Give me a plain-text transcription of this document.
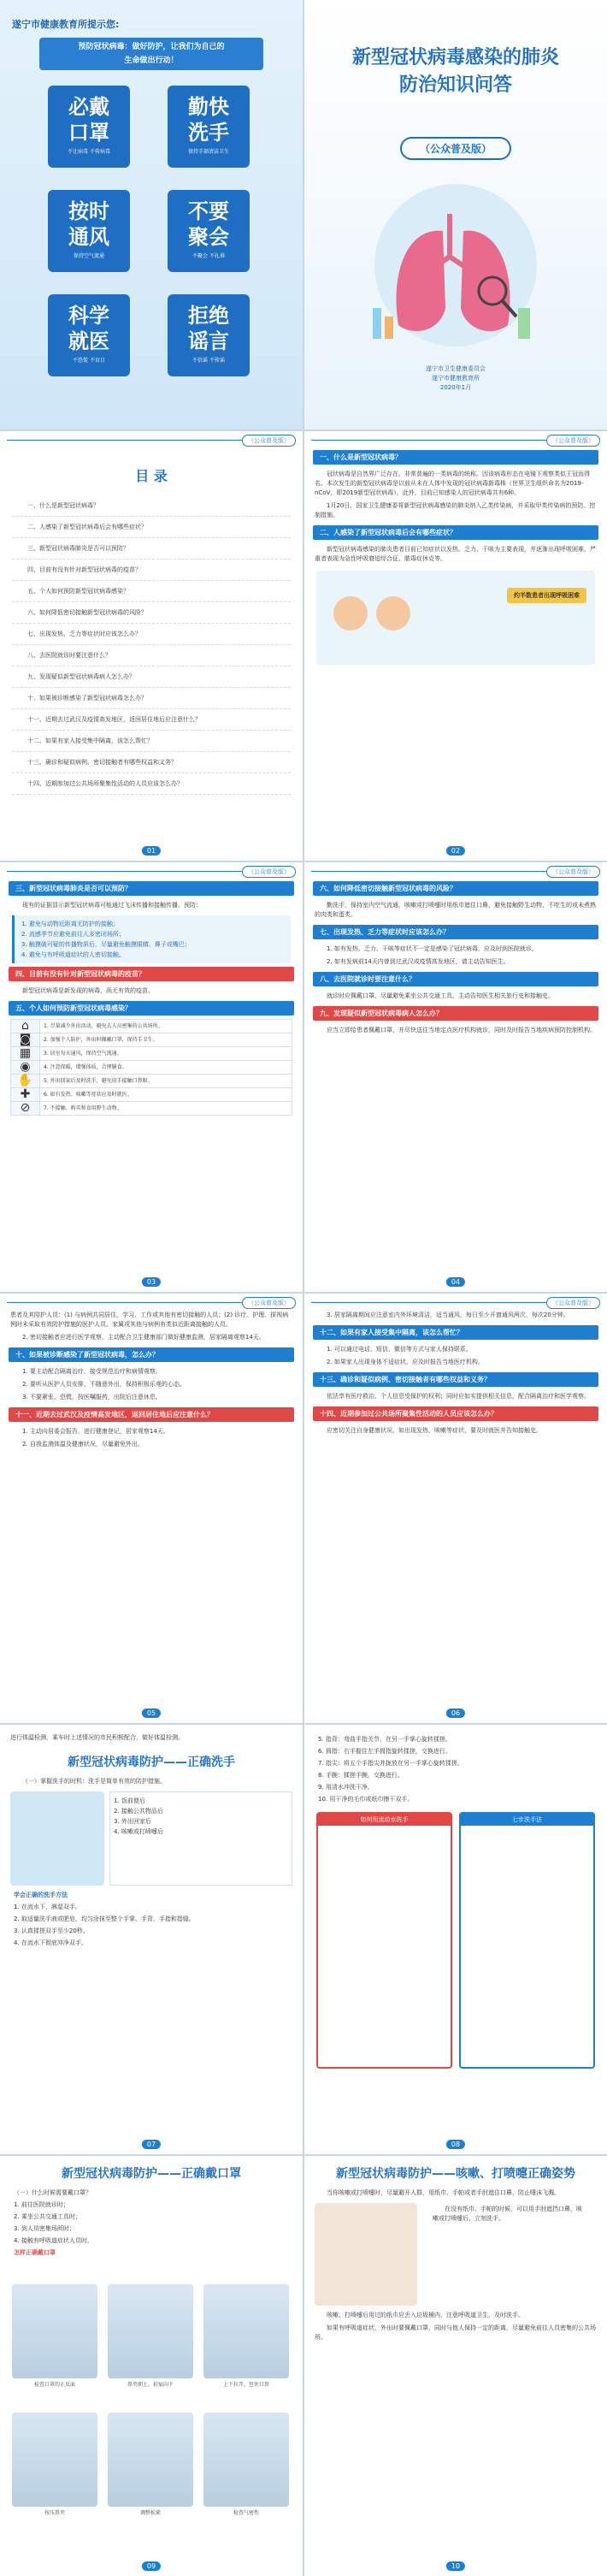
遂宁市健康教育所提示您:
预防冠状病毒：做好防护，让我们为自己的
生命做出行动！
必戴
口罩
不让病毒 不传病毒
勤快
洗手
保持手部清洁卫生
按时
通风
保持空气流通
不要
聚会
不聚会 不扎堆
科学
就医
不恐慌 不盲目
拒绝
谣言
不信谣 不传谣
新型冠状病毒感染的肺炎
防治知识问答
（公众普及版）
遂宁市卫生健康委员会
遂宁市健康教育所
2020年1月
（公众普及版）
目 录
一、什么是新型冠状病毒？
二、人感染了新型冠状病毒后会有哪些症状？
三、新型冠状病毒肺炎是否可以预防？
四、目前有没有针对新型冠状病毒的疫苗？
五、个人如何预防新型冠状病毒感染？
六、如何降低密切接触新型冠状病毒的风险？
七、出现发热、乏力等症状时应该怎么办？
八、去医院就诊时要注意什么？
九、发现疑似新型冠状病毒病人怎么办？
十、如果被诊断感染了新型冠状病毒怎么办？
十一、近期去过武汉及疫情高发地区，返回居住地后应注意什么？
十二、如果有家人接受集中隔离，该怎么帮忙？
十三、确诊和疑似病例、密切接触者有哪些权益和义务？
十四、近期参加过公共场所聚集性活动的人员应该怎么办？
01
（公众普及版）
一、什么是新型冠状病毒？
冠状病毒是自然界广泛存在、非常普遍的一类病毒的统称。因该病毒形态在电镜下观察类似王冠而得名。本次发生的新型冠状病毒是以前从未在人体中发现的冠状病毒新毒株（世界卫生组织命名为2019-nCoV，即2019新型冠状病毒），此外，目前已知感染人的冠状病毒共有6种。
1月20日，国家卫生健康委将新型冠状病毒感染的肺炎纳入乙类传染病，并采取甲类传染病的预防、控制措施。
二、人感染了新型冠状病毒后会有哪些症状？
新型冠状病毒感染的肺炎患者目前已知症状以发热、乏力、干咳为主要表现，并逐渐出现呼吸困难，严重者表现为急性呼吸窘迫综合征、脓毒症休克等。
约半数患者出现呼吸困难
02
（公众普及版）
三、新型冠状病毒肺炎是否可以预防？
现有的证据显示新型冠状病毒可能通过飞沫传播和接触传播。预防：
1. 避免与动物近距离无防护的接触；
2. 流感季节应避免前往人多密闭场所；
3. 触摸破可疑的传播物质后，尽量避免触摸眼睛、鼻子或嘴巴；
4. 避免与有呼吸道症状的人密切接触。
四、目前有没有针对新型冠状病毒的疫苗？
新型冠状病毒是新发现的病毒，尚无有效的疫苗。
五、个人如何预防新型冠状病毒感染？
⌂	1. 尽量减少外出活动，避免去人员密集的公共场所。
◙	2. 加强个人防护，外出时佩戴口罩，保持手卫生。
▦	3. 居室每天通风，保持空气流通。
◉	4. 注意保暖，增强体质，合理膳食。
✋	5. 外出回家后及时洗手，避免用手接触口鼻眼。
✚	6. 如有发热、咳嗽等症状应及时就医。
⊘	7. 不接触、购买和食用野生动物。
03
（公众普及版）
六、如何降低密切接触新型冠状病毒的风险？
勤洗手，保持室内空气流通，咳嗽或打喷嚏时用纸巾遮住口鼻，避免接触野生动物，不吃生的或未煮熟的肉类和蛋类。
七、出现发热、乏力等症状时应该怎么办？
1. 如有发热、乏力、干咳等症状不一定是感染了冠状病毒，应及时到医院就诊。
2. 如有发病前14天内曾到过武汉或疫情高发地区，请主动告知医生。
八、去医院就诊时要注意什么？
就诊时应佩戴口罩，尽量避免乘坐公共交通工具，主动告知医生相关旅行史和接触史。
九、发现疑似新型冠状病毒病人怎么办？
应当立即给患者佩戴口罩，并尽快送往当地定点医疗机构就诊，同时及时报告当地疾病预防控制机构。
04
（公众普及版）
患者及其陪护人员：(1) 与病例共同居住、学习、工作或其他有密切接触的人员；(2) 诊疗、护理、探视病例时未采取有效防护措施的医护人员、家属或其他与病例有类似近距离接触的人员。
2. 密切接触者应进行医学观察，主动配合卫生健康部门做好健康监测，居家隔离观察14天。
十、如果被诊断感染了新型冠状病毒，怎么办？
1. 要主动配合隔离治疗，接受规范治疗和病情观察。
2. 要听从医护人员安排，不随意外出，保持积极乐观的心态。
3. 不要紧张、恐慌，按医嘱服药，出院后注意休息。
十一、近期去过武汉及疫情高发地区，返回居住地后应注意什么？
1. 主动向居委会报告，进行健康登记，居家观察14天。
2. 自我监测体温及健康状况，尽量避免外出。
05
（公众普及版）
3. 居家隔离期间应注意室内外环境清洁，适当通风，每日至少开窗通风两次，每次20分钟。
十二、如果有家人接受集中隔离，该怎么帮忙？
1. 可以通过电话、短信、微信等方式与家人保持联系。
2. 如果家人出现身体不适症状，应及时报告当地医疗机构。
十三、确诊和疑似病例、密切接触者有哪些权益和义务？
依法享有医疗救治、个人信息受保护的权利；同时应如实提供相关信息，配合隔离治疗和医学观察。
十四、近期参加过公共场所聚集性活动的人员应该怎么办？
应密切关注自身健康状况，如出现发热、咳嗽等症状，要及时就医并告知接触史。
06
进行体温检测，乘车时上述情况的市民积极配合，做好体温检测。
新型冠状病毒防护——正确洗手
（一）掌握洗手的时机：洗手是简单有效的防护措施。
1. 饭前便后
2. 接触公共物品后
3. 外出回家后
4. 咳嗽或打喷嚏后
学会正确的洗手方法
1. 在流水下，淋湿双手。
2. 取适量洗手液或肥皂，均匀涂抹至整个手掌、手背、手指和指缝。
3. 认真揉搓双手至少20秒。
4. 在流水下彻底冲净双手。
07
5. 指背：弯曲手指关节，在另一手掌心旋转揉搓。
6. 拇指：右手握住左手拇指旋转揉搓，交换进行。
7. 指尖：将五个手指尖并拢放在另一手掌心旋转揉搓。
8. 手腕：揉搓手腕，交换进行。
9. 用清水冲洗干净。
10. 用干净的毛巾或纸巾擦干双手。
如何用流动水洗手	七步洗手法
08
新型冠状病毒防护——正确戴口罩
（一）什么时候需要戴口罩？
1. 前往医院就诊时；
2. 乘坐公共交通工具时；
3. 到人员密集场所时；
4. 接触有呼吸道症状人员时。
怎样正确戴口罩
检查口罩的正反面	鼻夹朝上，折痕向下	上下拉开，包住口鼻
按压鼻夹	调整松紧	检查气密性
09
新型冠状病毒防护——咳嗽、打喷嚏正确姿势
当你咳嗽或打喷嚏时，尽量避开人群，用纸巾、手帕或者手肘遮住口鼻，防止唾沫飞溅。
在没有纸巾、手帕的时候，可以用手肘遮挡口鼻，咳嗽或打喷嚏后，立刻洗手。
咳嗽、打喷嚏后用过的纸巾应丢入垃圾桶内，注意呼吸道卫生，及时洗手。
如果有呼吸道症状，外出时要佩戴口罩，同时与他人保持一定的距离，尽量避免前往人员密集的公共场所。
10
